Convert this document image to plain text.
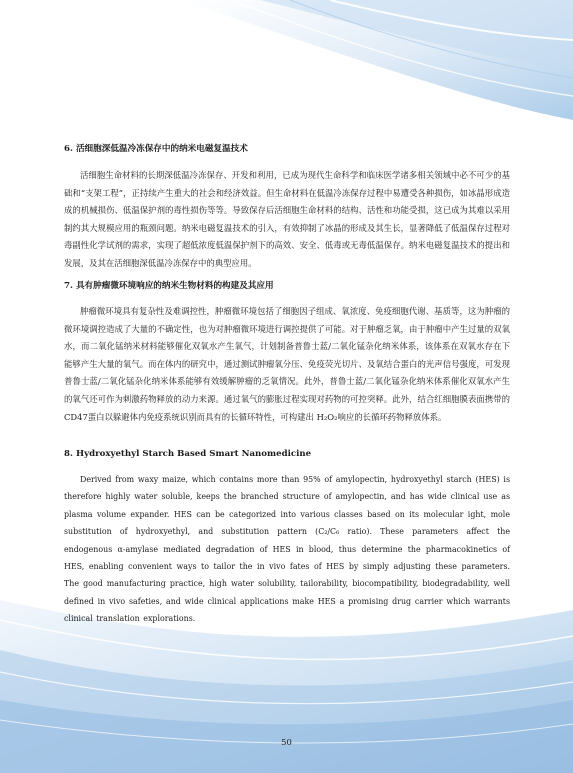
6. 活细胞深低温冷冻保存中的纳米电磁复温技术

活细胞生命材料的长期深低温冷冻保存、开发和利用，已成为现代生命科学和临床医学诸多相关领域中必不可少的基础和“支架工程”，正持续产生重大的社会和经济效益。但生命材料在低温冷冻保存过程中易遭受各种损伤，如冰晶形成造成的机械损伤、低温保护剂的毒性损伤等等。导致保存后活细胞生命材料的结构、活性和功能受损，这已成为其难以采用制约其大规模应用的瓶颈问题。纳米电磁复温技术的引入，有效抑制了冰晶的形成及其生长，显著降低了低温保存过程对毒副性化学试剂的需求，实现了超低浓度低温保护剂下的高效、安全、低毒或无毒低温保存。纳米电磁复温技术的提出和发展，及其在活细胞深低温冷冻保存中的典型应用。

7. 具有肿瘤微环境响应的纳米生物材料的构建及其应用

肿瘤微环境具有复杂性及难调控性，肿瘤微环境包括了细胞因子组成、氧浓度、免疫细胞代谢、基质等，这为肿瘤的微环境调控造成了大量的不确定性，也为对肿瘤微环境进行调控提供了可能。对于肿瘤乏氧，由于肿瘤中产生过量的双氧水，而二氧化锰纳米材料能够催化双氧水产生氧气，计划制备普鲁士蓝/二氧化锰杂化纳米体系，该体系在双氧水存在下能够产生大量的氧气。而在体内的研究中，通过测试肿瘤氧分压、免疫荧光切片、及氧结合蛋白的光声信号强度，可发现普鲁士蓝/二氧化锰杂化纳米体系能够有效缓解肿瘤的乏氧情况。此外，普鲁士蓝/二氧化锰杂化纳米体系催化双氧水产生的氧气还可作为刺激药物释放的动力来源。通过氧气的膨胀过程实现对药物的可控突释。此外，结合红细胞膜表面携带的CD47蛋白以躲避体内免疫系统识别而具有的长循环特性，可构建出 H₂O₂响应的长循环药物释放体系。

8. Hydroxyethyl Starch Based Smart Nanomedicine

Derived from waxy maize, which contains more than 95% of amylopectin, hydroxyethyl starch (HES) is therefore highly water soluble, keeps the branched structure of amylopectin, and has wide clinical use as plasma volume expander. HES can be categorized into various classes based on its molecular ight, mole substitution of hydroxyethyl, and substitution pattern (C₂/C₆ ratio). These parameters affect the endogenous α-amylase mediated degradation of HES in blood, thus determine the pharmacokinetics of HES, enabling convenient ways to tailor the in vivo fates of HES by simply adjusting these parameters. The good manufacturing practice, high water solubility, tailorability, biocompatibility, biodegradability, well defined in vivo safeties, and wide clinical applications make HES a promising drug carrier which warrants clinical translation explorations.

50
